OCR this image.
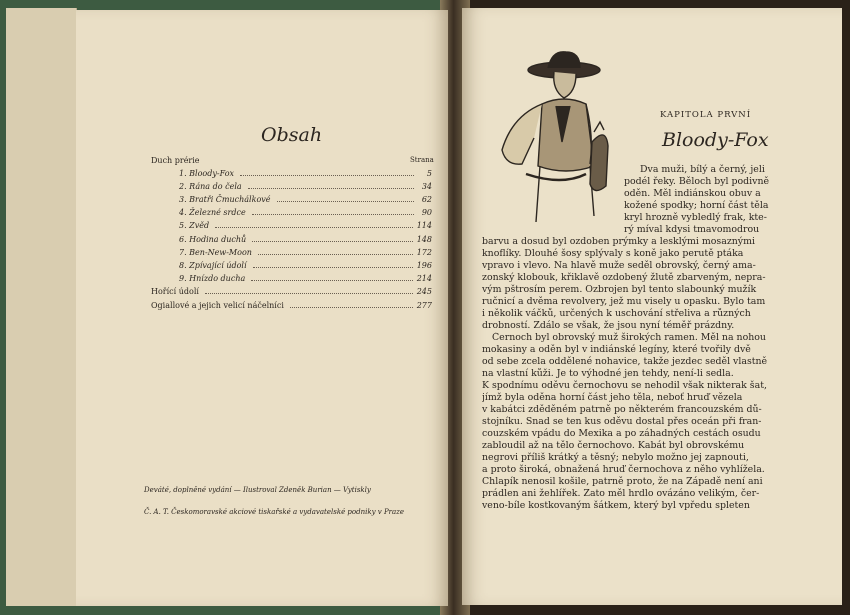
Obsah
Duch prérie	Strana
1. Bloody-Fox	5
2. Rána do čela	34
3. Bratři Čmuchálkové	62
4. Železné srdce	90
5. Zvěd	114
6. Hodina duchů	148
7. Ben-New-Moon	172
8. Zpívající údolí	196
9. Hnízdo ducha	214
Hořící údolí	245
Ogiallové a jejich velicí náčelníci	277
Deváté, doplněné vydání — Ilustroval Zdeněk Burian — Vytiskly
Č. A. T. Českomoravské akciové tiskařské a vydavatelské podniky v Praze
KAPITOLA PRVNÍ
Bloody-Fox
Dva muži, bílý a černý, jeli
podél řeky. Běloch byl podivně
oděn. Měl indiánskou obuv a
kožené spodky; horní část těla
kryl hrozně vybledlý frak, kte-
rý míval kdysi tmavomodrou
barvu a dosud byl ozdoben prýmky a lesklými mosaznými
knoflíky. Dlouhé šosy splývaly s koně jako perutě ptáka
vpravo i vlevo. Na hlavě muže seděl obrovský, černý ama-
zonský klobouk, křiklavě ozdobený žlutě zbarveným, nepra-
vým pštrosím perem. Ozbrojen byl tento slabounký mužík
ručnicí a dvěma revolvery, jež mu visely u opasku. Bylo tam
i několik váčků, určených k uschování střeliva a různých
drobností. Zdálo se však, že jsou nyní téměř prázdny.
Černoch byl obrovský muž širokých ramen. Měl na nohou
mokasiny a oděn byl v indiánské legíny, které tvořily dvě
od sebe zcela oddělené nohavice, takže jezdec seděl vlastně
na vlastní kůži. Je to výhodné jen tehdy, není-li sedla.
K spodnímu oděvu černochovu se nehodil však nikterak šat,
jímž byla oděna horní část jeho těla, neboť hruď vězela
v kabátci zděděném patrně po některém francouzském dů-
stojníku. Snad se ten kus oděvu dostal přes oceán při fran-
couzském vpádu do Mexika a po záhadných cestách osudu
zabloudil až na tělo černochovo. Kabát byl obrovskému
negrovi příliš krátký a těsný; nebylo možno jej zapnouti,
a proto široká, obnažená hruď černochova z něho vyhlížela.
Chlapík nenosil košile, patrně proto, že na Západě není ani
prádlen ani žehlířek. Zato měl hrdlo ovázáno velikým, čer-
veno-bíle kostkovaným šátkem, který byl vpředu spleten
